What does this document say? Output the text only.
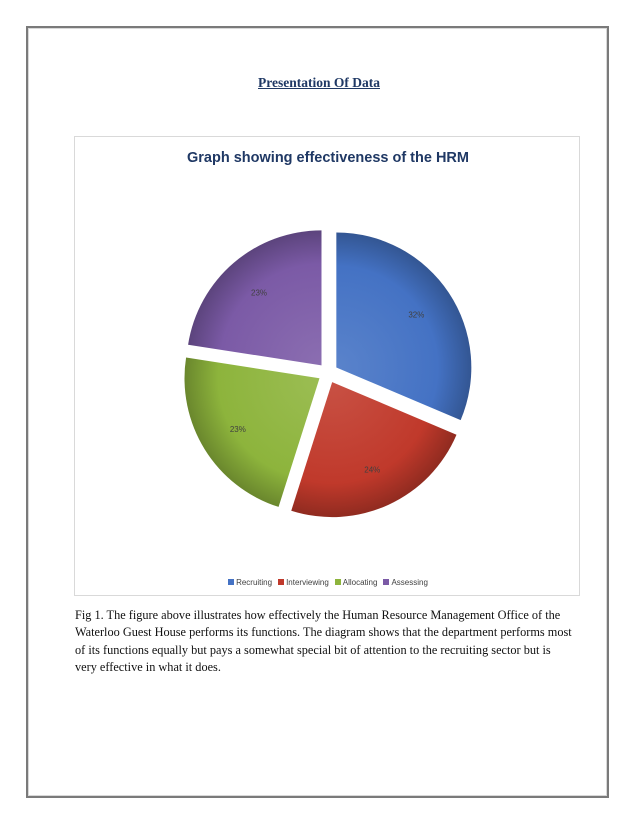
Presentation Of Data
Graph showing effectiveness of the HRM
32%
24%
23%
23%
Recruiting Interviewing Allocating Assessing
Fig 1. The figure above illustrates how effectively the Human Resource Management Office of the Waterloo Guest House performs its functions. The diagram shows that the department performs most of its functions equally but pays a somewhat special bit of attention to the recruiting sector but is very effective in what it does.
